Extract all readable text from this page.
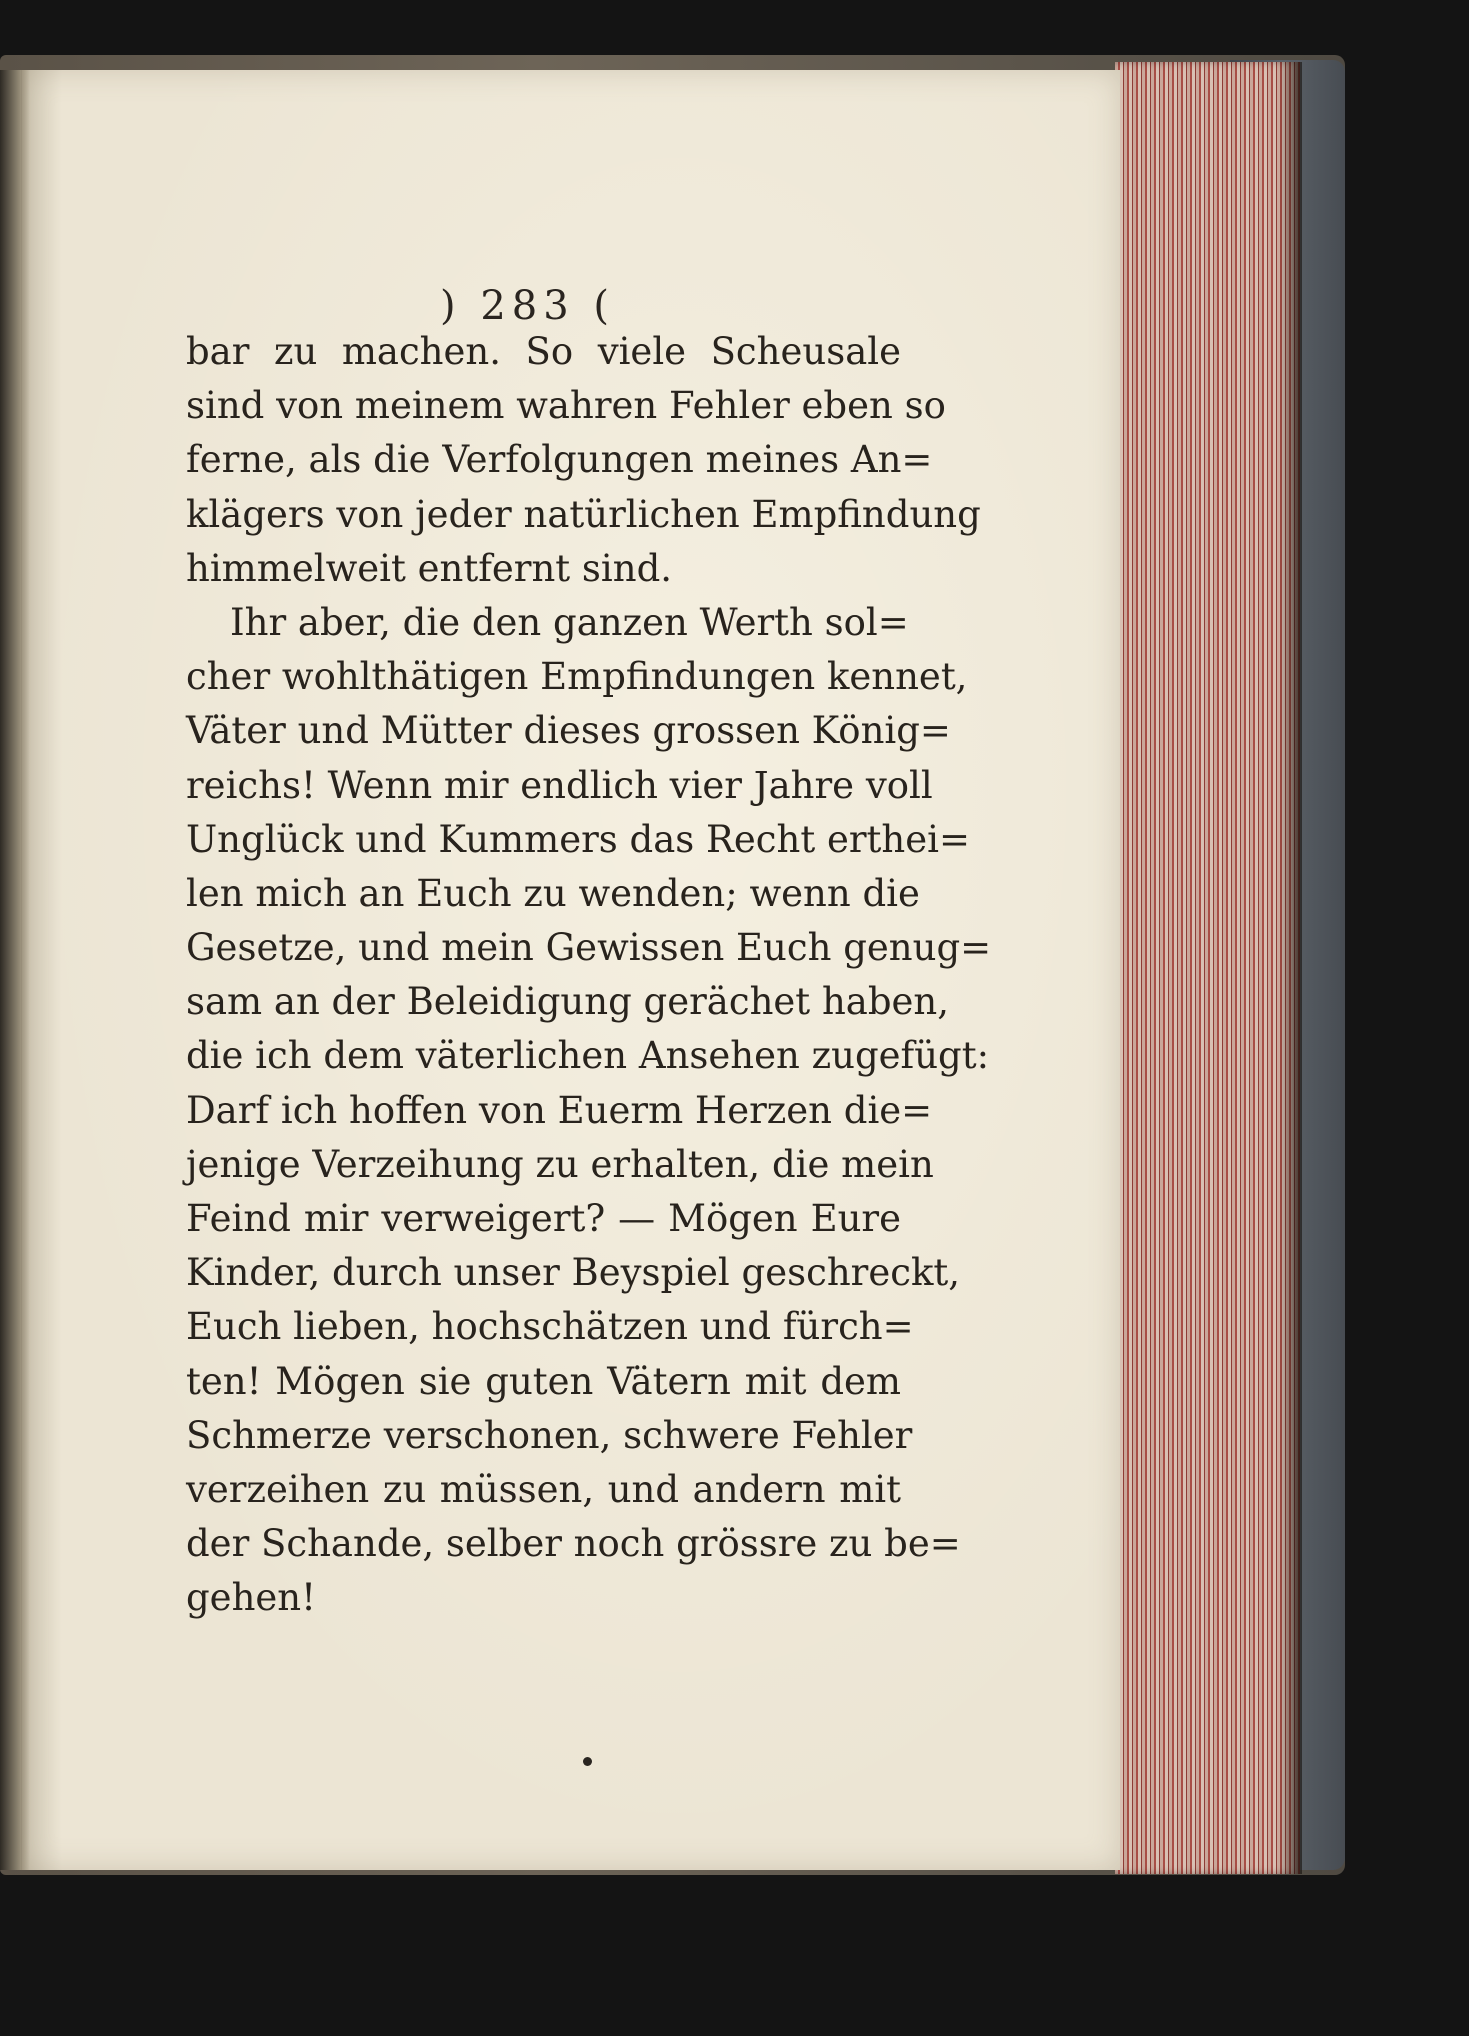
) 283 (
bar zu machen. So viele Scheusale
sind von meinem wahren Fehler eben so
ferne, als die Verfolgungen meines An=
klägers von jeder natürlichen Empfindung
himmelweit entfernt sind.
Ihr aber, die den ganzen Werth sol=
cher wohlthätigen Empfindungen kennet,
Väter und Mütter dieses grossen König=
reichs! Wenn mir endlich vier Jahre voll
Unglück und Kummers das Recht erthei=
len mich an Euch zu wenden; wenn die
Gesetze, und mein Gewissen Euch genug=
sam an der Beleidigung gerächet haben,
die ich dem väterlichen Ansehen zugefügt:
Darf ich hoffen von Euerm Herzen die=
jenige Verzeihung zu erhalten, die mein
Feind mir verweigert? — Mögen Eure
Kinder, durch unser Beyspiel geschreckt,
Euch lieben, hochschätzen und fürch=
ten! Mögen sie guten Vätern mit dem
Schmerze verschonen, schwere Fehler
verzeihen zu müssen, und andern mit
der Schande, selber noch grössre zu be=
gehen!
